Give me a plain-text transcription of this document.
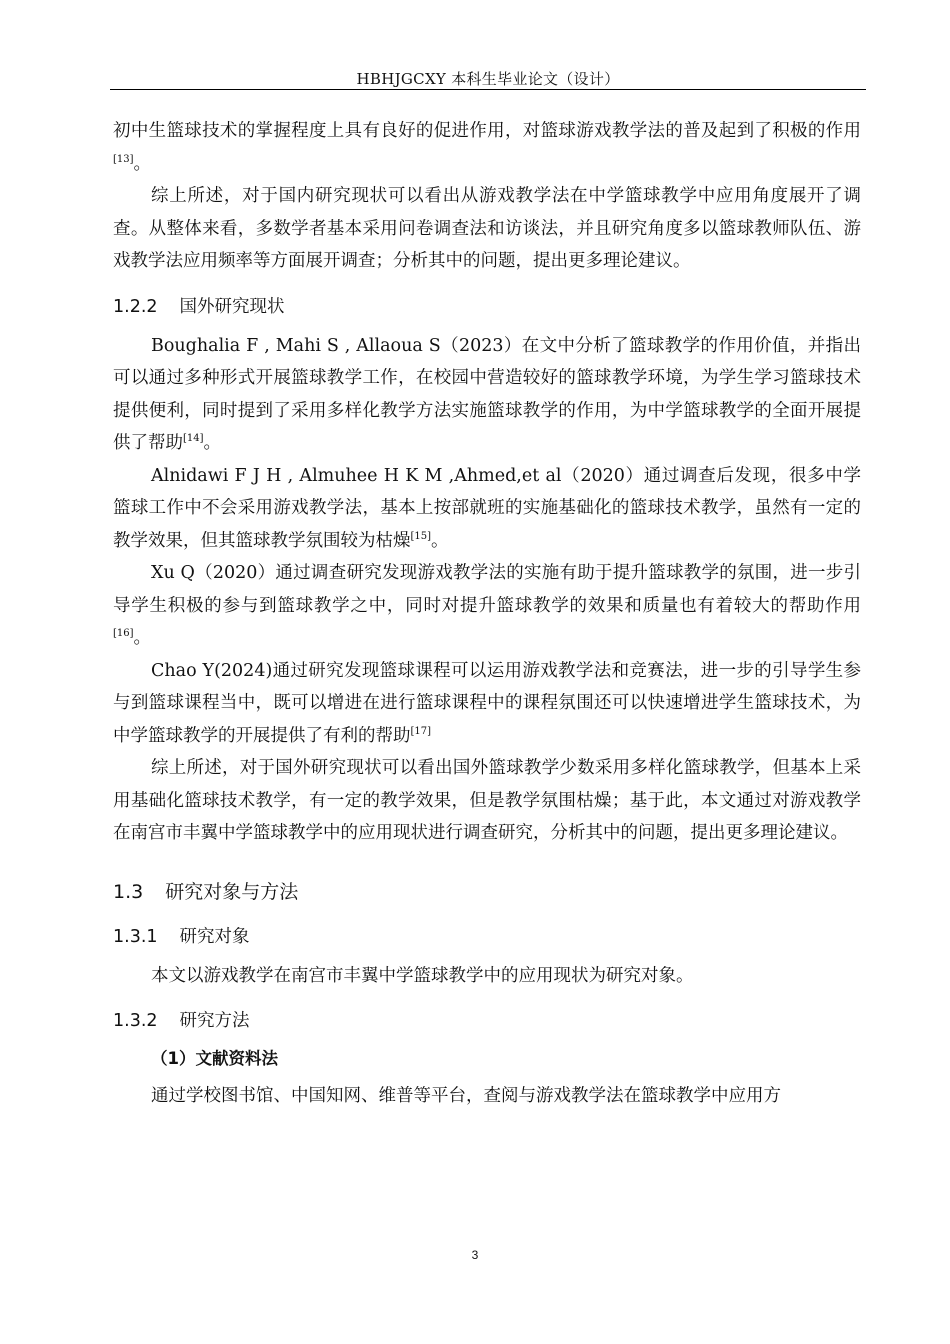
HBHJGCXY 本科生毕业论文（设计）

初中生篮球技术的掌握程度上具有良好的促进作用，对篮球游戏教学法的普及起到了积极的作用[13]。

综上所述，对于国内研究现状可以看出从游戏教学法在中学篮球教学中应用角度展开了调查。从整体来看，多数学者基本采用问卷调查法和访谈法，并且研究角度多以篮球教师队伍、游戏教学法应用频率等方面展开调查；分析其中的问题，提出更多理论建议。

1.2.2 国外研究现状

Boughalia F , Mahi S , Allaoua S（2023）在文中分析了篮球教学的作用价值，并指出可以通过多种形式开展篮球教学工作，在校园中营造较好的篮球教学环境，为学生学习篮球技术提供便利，同时提到了采用多样化教学方法实施篮球教学的作用，为中学篮球教学的全面开展提供了帮助[14]。

Alnidawi F J H , Almuhee H K M ,Ahmed,et al（2020）通过调查后发现，很多中学篮球工作中不会采用游戏教学法，基本上按部就班的实施基础化的篮球技术教学，虽然有一定的教学效果，但其篮球教学氛围较为枯燥[15]。

Xu Q（2020）通过调查研究发现游戏教学法的实施有助于提升篮球教学的氛围，进一步引导学生积极的参与到篮球教学之中，同时对提升篮球教学的效果和质量也有着较大的帮助作用[16]。

Chao Y(2024)通过研究发现篮球课程可以运用游戏教学法和竞赛法，进一步的引导学生参与到篮球课程当中，既可以增进在进行篮球课程中的课程氛围还可以快速增进学生篮球技术，为中学篮球教学的开展提供了有利的帮助[17]

综上所述，对于国外研究现状可以看出国外篮球教学少数采用多样化篮球教学，但基本上采用基础化篮球技术教学，有一定的教学效果，但是教学氛围枯燥；基于此，本文通过对游戏教学在南宫市丰翼中学篮球教学中的应用现状进行调查研究，分析其中的问题，提出更多理论建议。

1.3 研究对象与方法
1.3.1 研究对象

本文以游戏教学在南宫市丰翼中学篮球教学中的应用现状为研究对象。

1.3.2 研究方法
（1）文献资料法

通过学校图书馆、中国知网、维普等平台，查阅与游戏教学法在篮球教学中应用方

3
